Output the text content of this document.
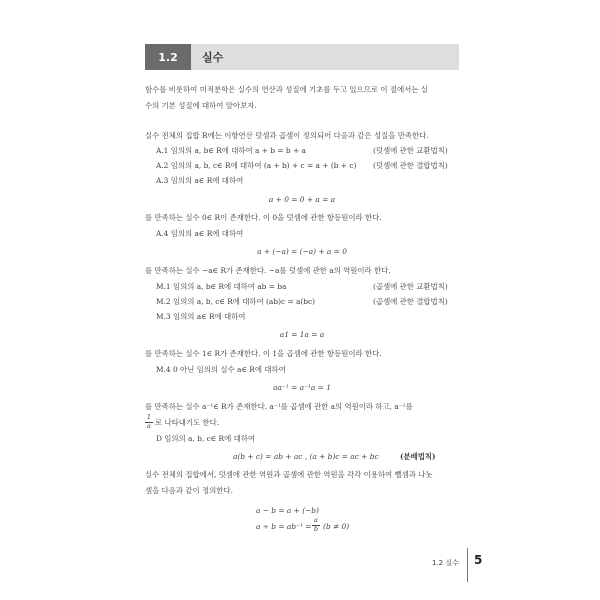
1.2	실수
함수를 비롯하여 미적분학은 실수의 연산과 성질에 기초를 두고 있으므로 이 절에서는 실
수의 기본 성질에 대하여 알아보자.
실수 전체의 집합 R에는 이항연산 덧셈과 곱셈이 정의되어 다음과 같은 성질을 만족한다.
A.1 임의의 a, b∈ R에 대하여 a + b = b + a	(덧셈에 관한 교환법칙)
A.2 임의의 a, b, c∈ R에 대하여 (a + b) + c = a + (b + c) (덧셈에 관한 결합법칙)
A.3 임의의 a∈ R에 대하여
a + 0 = 0 + a = a
를 만족하는 실수 0∈ R이 존재한다. 이 0을 덧셈에 관한 항등원이라 한다.
A.4 임의의 a∈ R에 대하여
a + (−a) = (−a) + a = 0
를 만족하는 실수 −a∈ R가 존재한다. −a를 덧셈에 관한 a의 역원이라 한다.
M.1 임의의 a, b∈ R에 대하여 ab = ba	(곱셈에 관한 교환법칙)
M.2 임의의 a, b, c∈ R에 대하여 (ab)c = a(bc)	(곱셈에 관한 결합법칙)
M.3 임의의 a∈ R에 대하여
a1 = 1a = a
를 만족하는 실수 1∈ R가 존재한다. 이 1을 곱셈에 관한 항등원이라 한다.
M.4 0 아닌 임의의 실수 a∈ R에 대하여
aa⁻¹ = a⁻¹a = 1
를 만족하는 실수 a⁻¹∈ R가 존재한다. a⁻¹를 곱셈에 관한 a의 역원이라 하고, a⁻¹를
1
a 로 나타내기도 한다.
D 임의의 a, b, c∈ R에 대하여
a(b + c) = ab + ac , (a + b)c = ac + bc	(분배법칙)
실수 전체의 집합에서, 덧셈에 관한 역원과 곱셈에 관한 역원을 각각 이용하여 뺄셈과 나눗
셈을 다음과 같이 정의한다.
a − b = a + (−b)
a ÷ b = ab⁻¹ =
a
b (b ≠ 0)
1.2 실수 5
